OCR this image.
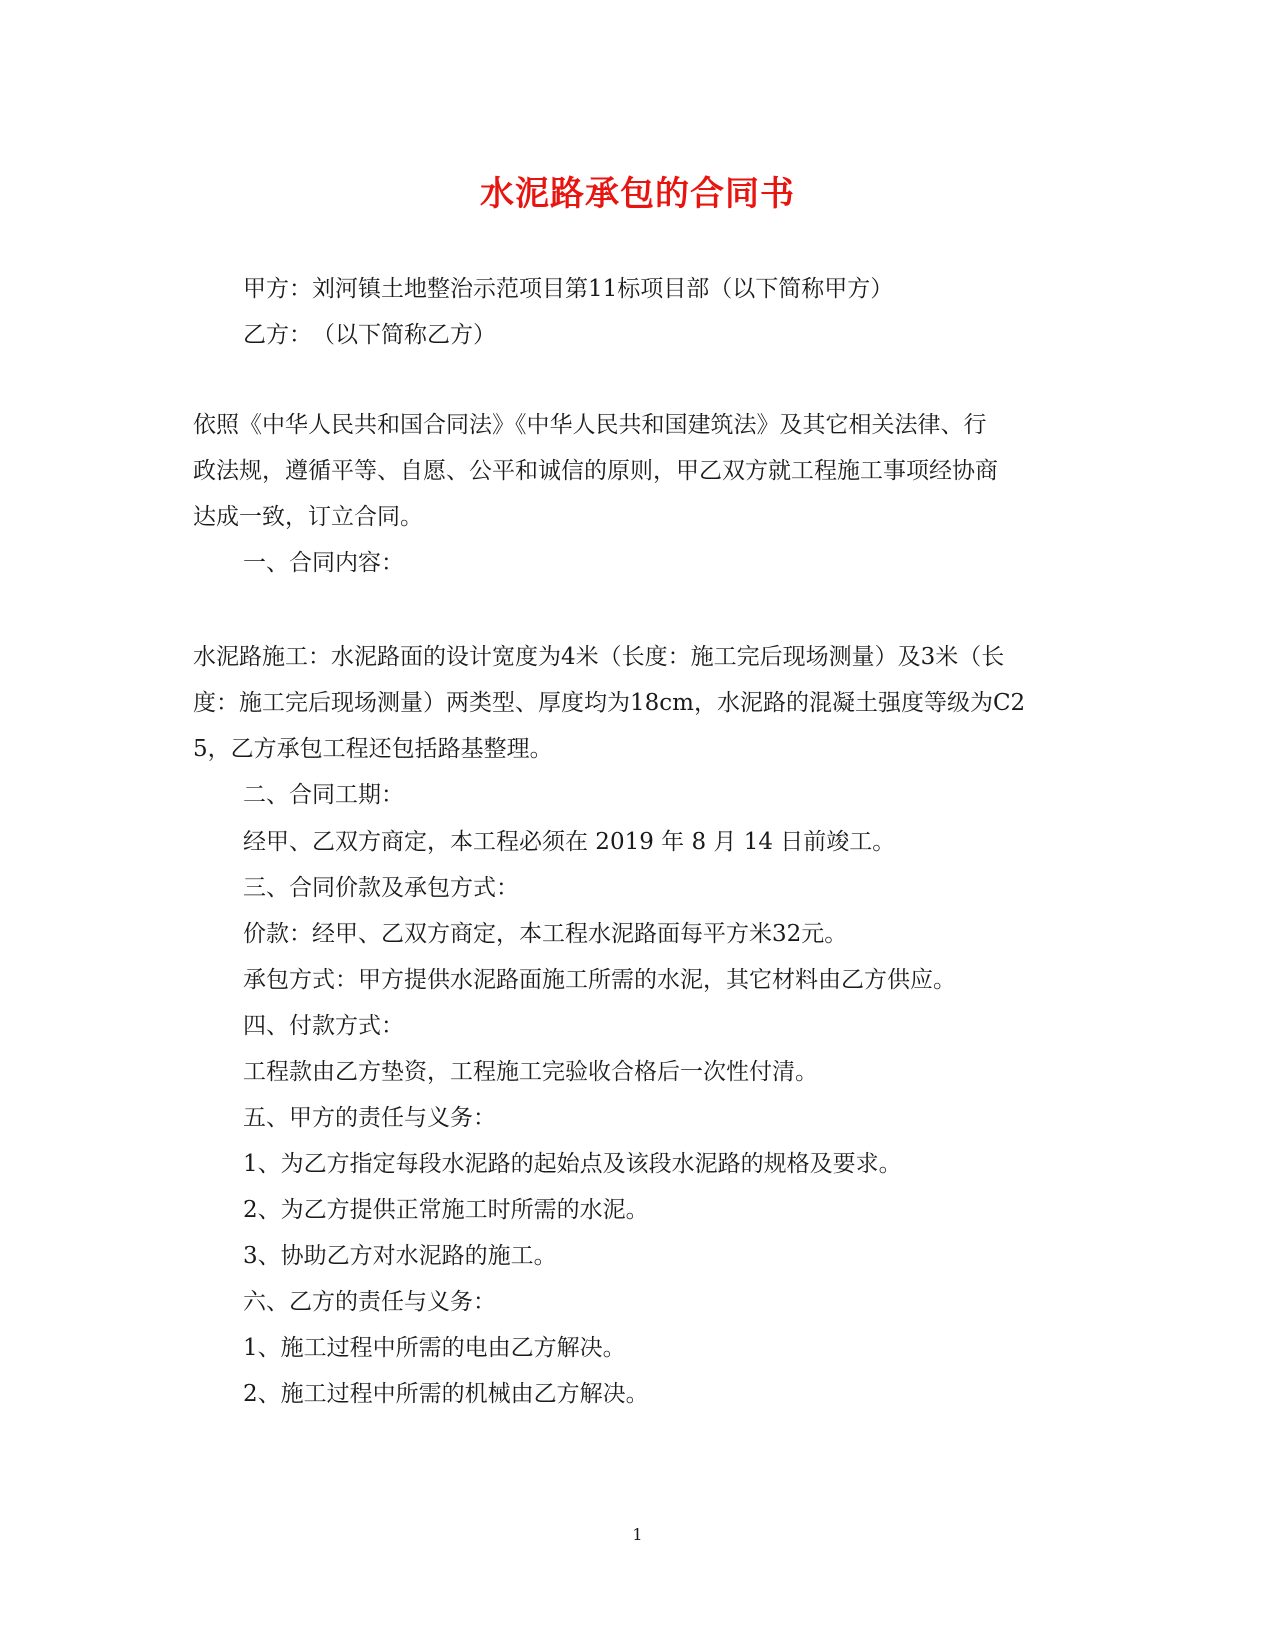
水泥路承包的合同书
甲方：刘河镇土地整治示范项目第11标项目部（以下简称甲方）
乙方：　（以下简称乙方）
依照《中华人民共和国合同法》《中华人民共和国建筑法》及其它相关法律、行
政法规，遵循平等、自愿、公平和诚信的原则，甲乙双方就工程施工事项经协商
达成一致，订立合同。
一、合同内容：
水泥路施工：水泥路面的设计宽度为4米（长度：施工完后现场测量）及3米（长
度：施工完后现场测量）两类型、厚度均为18cm，水泥路的混凝土强度等级为C2
5，乙方承包工程还包括路基整理。
二、合同工期：
经甲、乙双方商定，本工程必须在 2019 年 8 月 14 日前竣工。
三、合同价款及承包方式：
价款：经甲、乙双方商定，本工程水泥路面每平方米32元。
承包方式：甲方提供水泥路面施工所需的水泥，其它材料由乙方供应。
四、付款方式：
工程款由乙方垫资，工程施工完验收合格后一次性付清。
五、甲方的责任与义务：
1、为乙方指定每段水泥路的起始点及该段水泥路的规格及要求。
2、为乙方提供正常施工时所需的水泥。
3、协助乙方对水泥路的施工。
六、乙方的责任与义务：
1、施工过程中所需的电由乙方解决。
2、施工过程中所需的机械由乙方解决。
1
